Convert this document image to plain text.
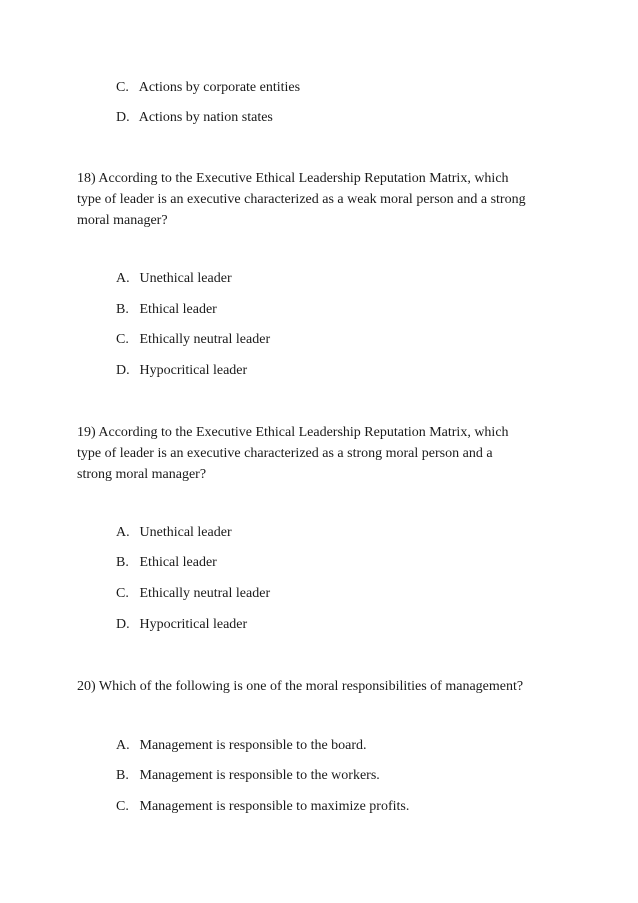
C. Actions by corporate entities
D. Actions by nation states
18) According to the Executive Ethical Leadership Reputation Matrix, which
type of leader is an executive characterized as a weak moral person and a strong
moral manager?
A. Unethical leader
B. Ethical leader
C. Ethically neutral leader
D. Hypocritical leader
19) According to the Executive Ethical Leadership Reputation Matrix, which
type of leader is an executive characterized as a strong moral person and a
strong moral manager?
A. Unethical leader
B. Ethical leader
C. Ethically neutral leader
D. Hypocritical leader
20) Which of the following is one of the moral responsibilities of management?
A. Management is responsible to the board.
B. Management is responsible to the workers.
C. Management is responsible to maximize profits.
